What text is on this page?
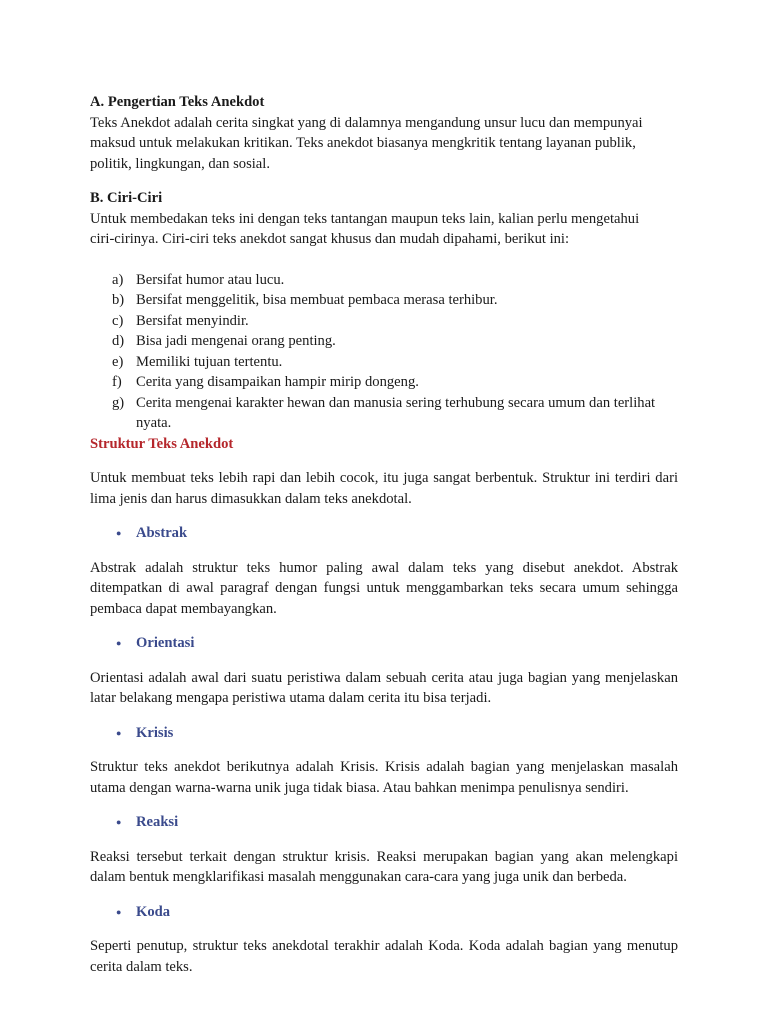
A. Pengertian Teks Anekdot

Teks Anekdot adalah cerita singkat yang di dalamnya mengandung unsur lucu dan mempunyai

maksud untuk melakukan kritikan. Teks anekdot biasanya mengkritik tentang layanan publik,

politik, lingkungan, dan sosial.

B. Ciri-Ciri

Untuk membedakan teks ini dengan teks tantangan maupun teks lain, kalian perlu mengetahui

ciri-cirinya. Ciri-ciri teks anekdot sangat khusus dan mudah dipahami, berikut ini:

a) Bersifat humor atau lucu.
b) Bersifat menggelitik, bisa membuat pembaca merasa terhibur.
c) Bersifat menyindir.
d) Bisa jadi mengenai orang penting.
e) Memiliki tujuan tertentu.
f) Cerita yang disampaikan hampir mirip dongeng.
g) Cerita mengenai karakter hewan dan manusia sering terhubung secara umum dan terlihat nyata.

Struktur Teks Anekdot

Untuk membuat teks lebih rapi dan lebih cocok, itu juga sangat berbentuk. Struktur ini terdiri dari lima jenis dan harus dimasukkan dalam teks anekdotal.

● Abstrak

Abstrak adalah struktur teks humor paling awal dalam teks yang disebut anekdot. Abstrak ditempatkan di awal paragraf dengan fungsi untuk menggambarkan teks secara umum sehingga pembaca dapat membayangkan.

● Orientasi

Orientasi adalah awal dari suatu peristiwa dalam sebuah cerita atau juga bagian yang menjelaskan latar belakang mengapa peristiwa utama dalam cerita itu bisa terjadi.

● Krisis

Struktur teks anekdot berikutnya adalah Krisis. Krisis adalah bagian yang menjelaskan masalah utama dengan warna-warna unik juga tidak biasa. Atau bahkan menimpa penulisnya sendiri.

● Reaksi

Reaksi tersebut terkait dengan struktur krisis. Reaksi merupakan bagian yang akan melengkapi dalam bentuk mengklarifikasi masalah menggunakan cara-cara yang juga unik dan berbeda.

● Koda

Seperti penutup, struktur teks anekdotal terakhir adalah Koda. Koda adalah bagian yang menutup cerita dalam teks.
